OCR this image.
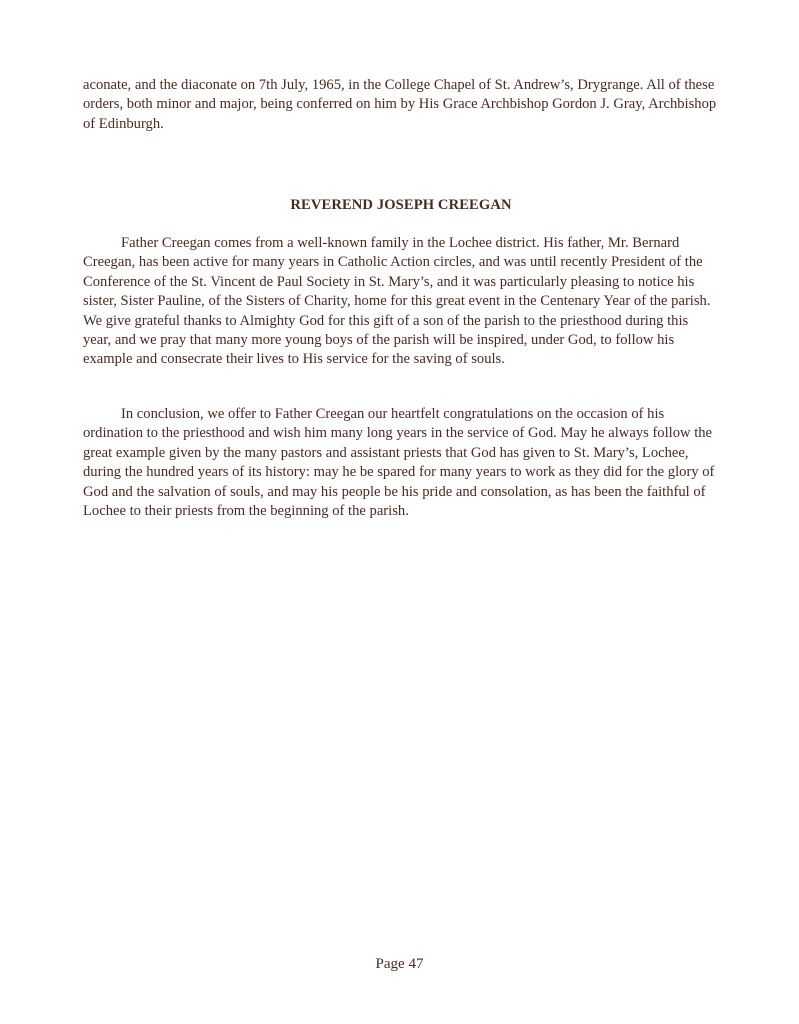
aconate, and the diaconate on 7th July, 1965, in the College Chapel of St. Andrew’s, Drygrange. All of these orders, both minor and major, being conferred on him by His Grace Archbishop Gordon J. Gray, Archbishop of Edinburgh.

REVEREND JOSEPH CREEGAN

Father Creegan comes from a well-known family in the Lochee district. His father, Mr. Bernard Creegan, has been active for many years in Catholic Action circles, and was until recently President of the Conference of the St. Vincent de Paul Society in St. Mary’s, and it was particularly pleasing to notice his sister, Sister Pauline, of the Sisters of Charity, home for this great event in the Centenary Year of the parish. We give grateful thanks to Almighty God for this gift of a son of the parish to the priesthood during this year, and we pray that many more young boys of the parish will be inspired, under God, to follow his example and consecrate their lives to His service for the saving of souls.

In conclusion, we offer to Father Creegan our heartfelt congratulations on the occasion of his ordination to the priesthood and wish him many long years in the service of God. May he always follow the great example given by the many pastors and assistant priests that God has given to St. Mary’s, Lochee, during the hundred years of its history: may he be spared for many years to work as they did for the glory of God and the salvation of souls, and may his people be his pride and consolation, as has been the faithful of Lochee to their priests from the beginning of the parish.

Page 47
